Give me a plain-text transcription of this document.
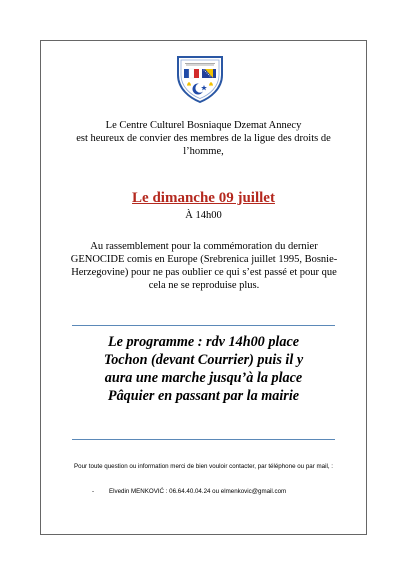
Le Centre Culturel Bosniaque Dzemat Annecy
est heureux de convier des membres de la ligue des droits de
l’homme,
Le dimanche 09 juillet
À 14h00
Au rassemblement pour la commémoration du dernier
GENOCIDE comis en Europe (Srebrenica juillet 1995, Bosnie-
Herzegovine) pour ne pas oublier ce qui s’est passé et pour que
cela ne se reproduise plus.
Le programme : rdv 14h00 place
Tochon (devant Courrier) puis il y
aura une marche jusqu’à la place
Pâquier en passant par la mairie
Pour toute question ou information merci de bien vouloir contacter, par téléphone ou par mail, :
- Elvedin MENKOVIĆ : 06.64.40.04.24 ou elmenkovic@gmail.com
